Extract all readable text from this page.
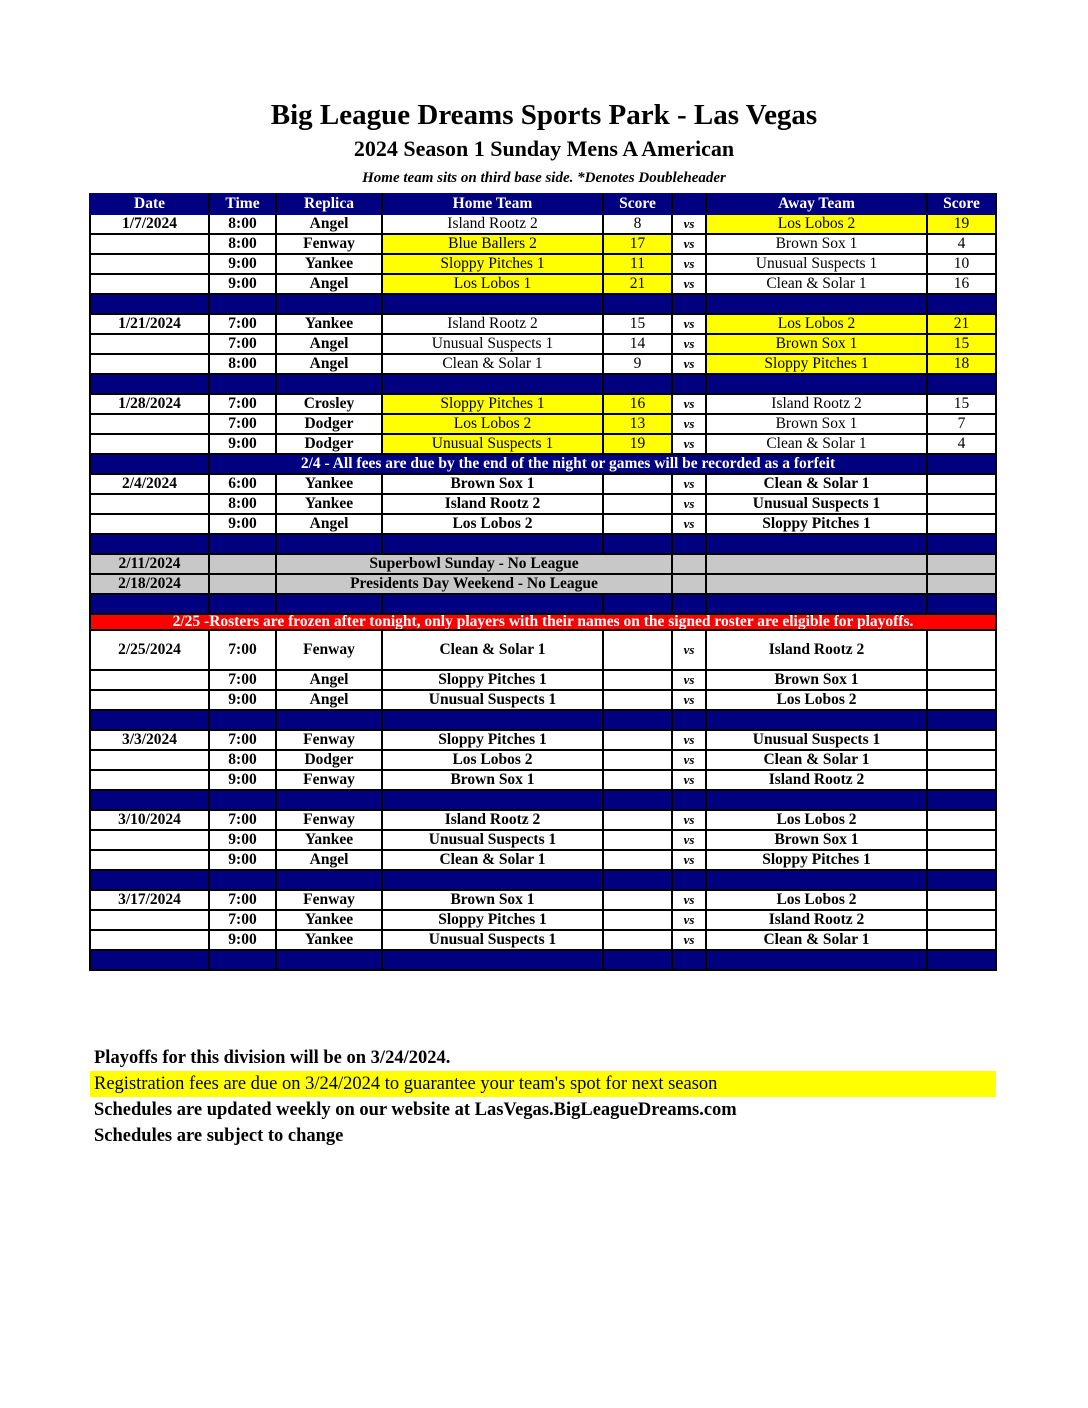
Big League Dreams Sports Park - Las Vegas
2024 Season 1 Sunday Mens A American
Home team sits on third base side. *Denotes Doubleheader
Date	Time	Replica	Home Team	Score		Away Team	Score
1/7/2024	8:00	Angel	Island Rootz 2	8	vs	Los Lobos 2	19
	8:00	Fenway	Blue Ballers 2	17	vs	Brown Sox 1	4
	9:00	Yankee	Sloppy Pitches 1	11	vs	Unusual Suspects 1	10
	9:00	Angel	Los Lobos 1	21	vs	Clean & Solar 1	16

1/21/2024	7:00	Yankee	Island Rootz 2	15	vs	Los Lobos 2	21
	7:00	Angel	Unusual Suspects 1	14	vs	Brown Sox 1	15
	8:00	Angel	Clean & Solar 1	9	vs	Sloppy Pitches 1	18

1/28/2024	7:00	Crosley	Sloppy Pitches 1	16	vs	Island Rootz 2	15
	7:00	Dodger	Los Lobos 2	13	vs	Brown Sox 1	7
	9:00	Dodger	Unusual Suspects 1	19	vs	Clean & Solar 1	4
	2/4 - All fees are due by the end of the night or games will be recorded as a forfeit						
2/4/2024	6:00	Yankee	Brown Sox 1		vs	Clean & Solar 1	
	8:00	Yankee	Island Rootz 2		vs	Unusual Suspects 1	
	9:00	Angel	Los Lobos 2		vs	Sloppy Pitches 1	

2/11/2024		Superbowl Sunday - No League					
2/18/2024		Presidents Day Weekend - No League					

2/25 -Rosters are frozen after tonight, only players with their names on the signed roster are eligible for playoffs.							
2/25/2024	7:00	Fenway	Clean & Solar 1		vs	Island Rootz 2	
	7:00	Angel	Sloppy Pitches 1		vs	Brown Sox 1	
	9:00	Angel	Unusual Suspects 1		vs	Los Lobos 2	

3/3/2024	7:00	Fenway	Sloppy Pitches 1		vs	Unusual Suspects 1	
	8:00	Dodger	Los Lobos 2		vs	Clean & Solar 1	
	9:00	Fenway	Brown Sox 1		vs	Island Rootz 2	

3/10/2024	7:00	Fenway	Island Rootz 2		vs	Los Lobos 2	
	9:00	Yankee	Unusual Suspects 1		vs	Brown Sox 1	
	9:00	Angel	Clean & Solar 1		vs	Sloppy Pitches 1	

3/17/2024	7:00	Fenway	Brown Sox 1		vs	Los Lobos 2	
	7:00	Yankee	Sloppy Pitches 1		vs	Island Rootz 2	
	9:00	Yankee	Unusual Suspects 1		vs	Clean & Solar 1	

Playoffs for this division will be on 3/24/2024.
Registration fees are due on 3/24/2024 to guarantee your team's spot for next season
Schedules are updated weekly on our website at LasVegas.BigLeagueDreams.com
Schedules are subject to change
